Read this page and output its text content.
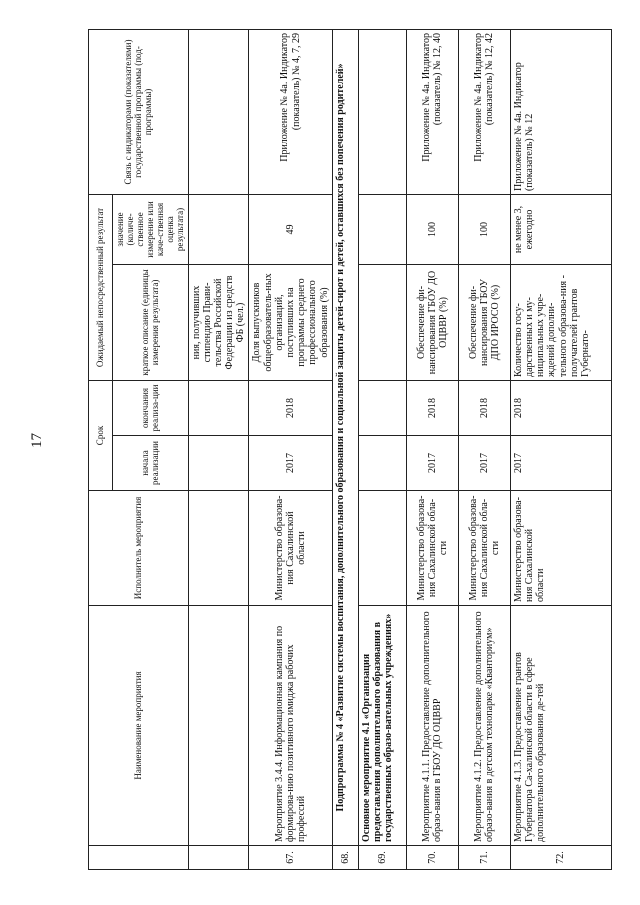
17
	Наименование мероприятия	Исполнитель мероприятия	Срок		Ожидаемый непосредственный результат		Связь с индикаторами (показателями) государственной программы (под-программы)
			начала реализации	окончания реализа-ции	краткое описание (единицы измерения результата)	значение (количе-ственное измерение или каче-ственная оценка результата)	
					ния, получивших стипендию Прави-тельства Российской Федерации из средств ФБ (чел.)		
67.	Мероприятие 3.4.4. Информационная кампания по формирова-нию позитивного имиджа рабочих профессий	Министерство образова-ния Сахалинской области	2017	2018	Доля выпускников общеобразователь-ных организаций, поступивших на программы среднего профессионального образования (%)	49	Приложение № 4а. Индикатор (показатель) № 4, 7, 29
68.	Подпрограмма № 4 «Развитие системы воспитания, дополнительного образования и социальной защиты детей-сирот и детей, оставшихся без попечения родителей»						
69.	Основное мероприятие 4.1 «Организация предоставления дополнительного образования в государственных образо-вательных учреждениях»						
70.	Мероприятие 4.1.1. Предоставление дополнительного образо-вания в ГБОУ ДО ОЦВВР	Министерство образова-ния Сахалинской обла-сти	2017	2018	Обеспечение фи-нансирования ГБОУ ДО ОЦВВР (%)	100	Приложение № 4а. Индикатор (показатель) № 12, 40
71.	Мероприятие 4.1.2. Предоставление дополнительного образо-вания в детском технопарке «Кванториум»	Министерство образова-ния Сахалинской обла-сти	2017	2018	Обеспечение фи-нансирования ГБОУ ДПО ИРОСО (%)	100	Приложение № 4а. Индикатор (показатель) № 12, 42
72.	Мероприятие 4.1.3. Предоставление грантов Губернатора Са-халинской области в сфере дополнительного образования де-тей	Министерство образова-ния Сахалинской области	2017	2018	Количество госу-дарственных и му-ниципальных учре-ждений дополни-тельного образова-ния - получателей грантов Губернато-	не менее 3, ежегодно	Приложение № 4а. Индикатор (показатель) № 12
